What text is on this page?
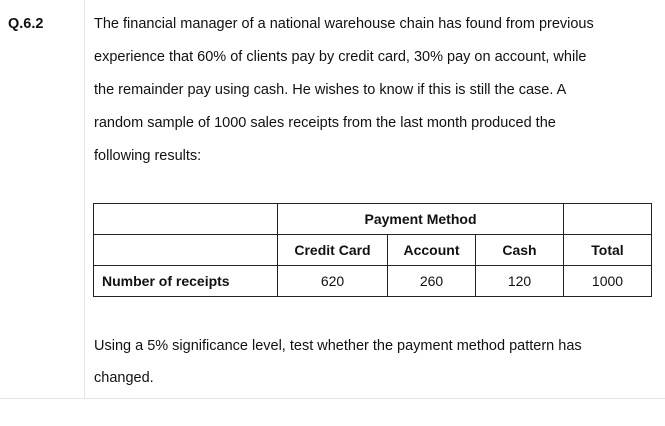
Q.6.2	The financial manager of a national warehouse chain has found from previous
experience that 60% of clients pay by credit card, 30% pay on account, while
the remainder pay using cash. He wishes to know if this is still the case. A
random sample of 1000 sales receipts from the last month produced the
following results:
	Payment Method			
	Credit Card	Account	Cash	Total
Number of receipts	620	260	120	1000
Using a 5% significance level, test whether the payment method pattern has
changed.
